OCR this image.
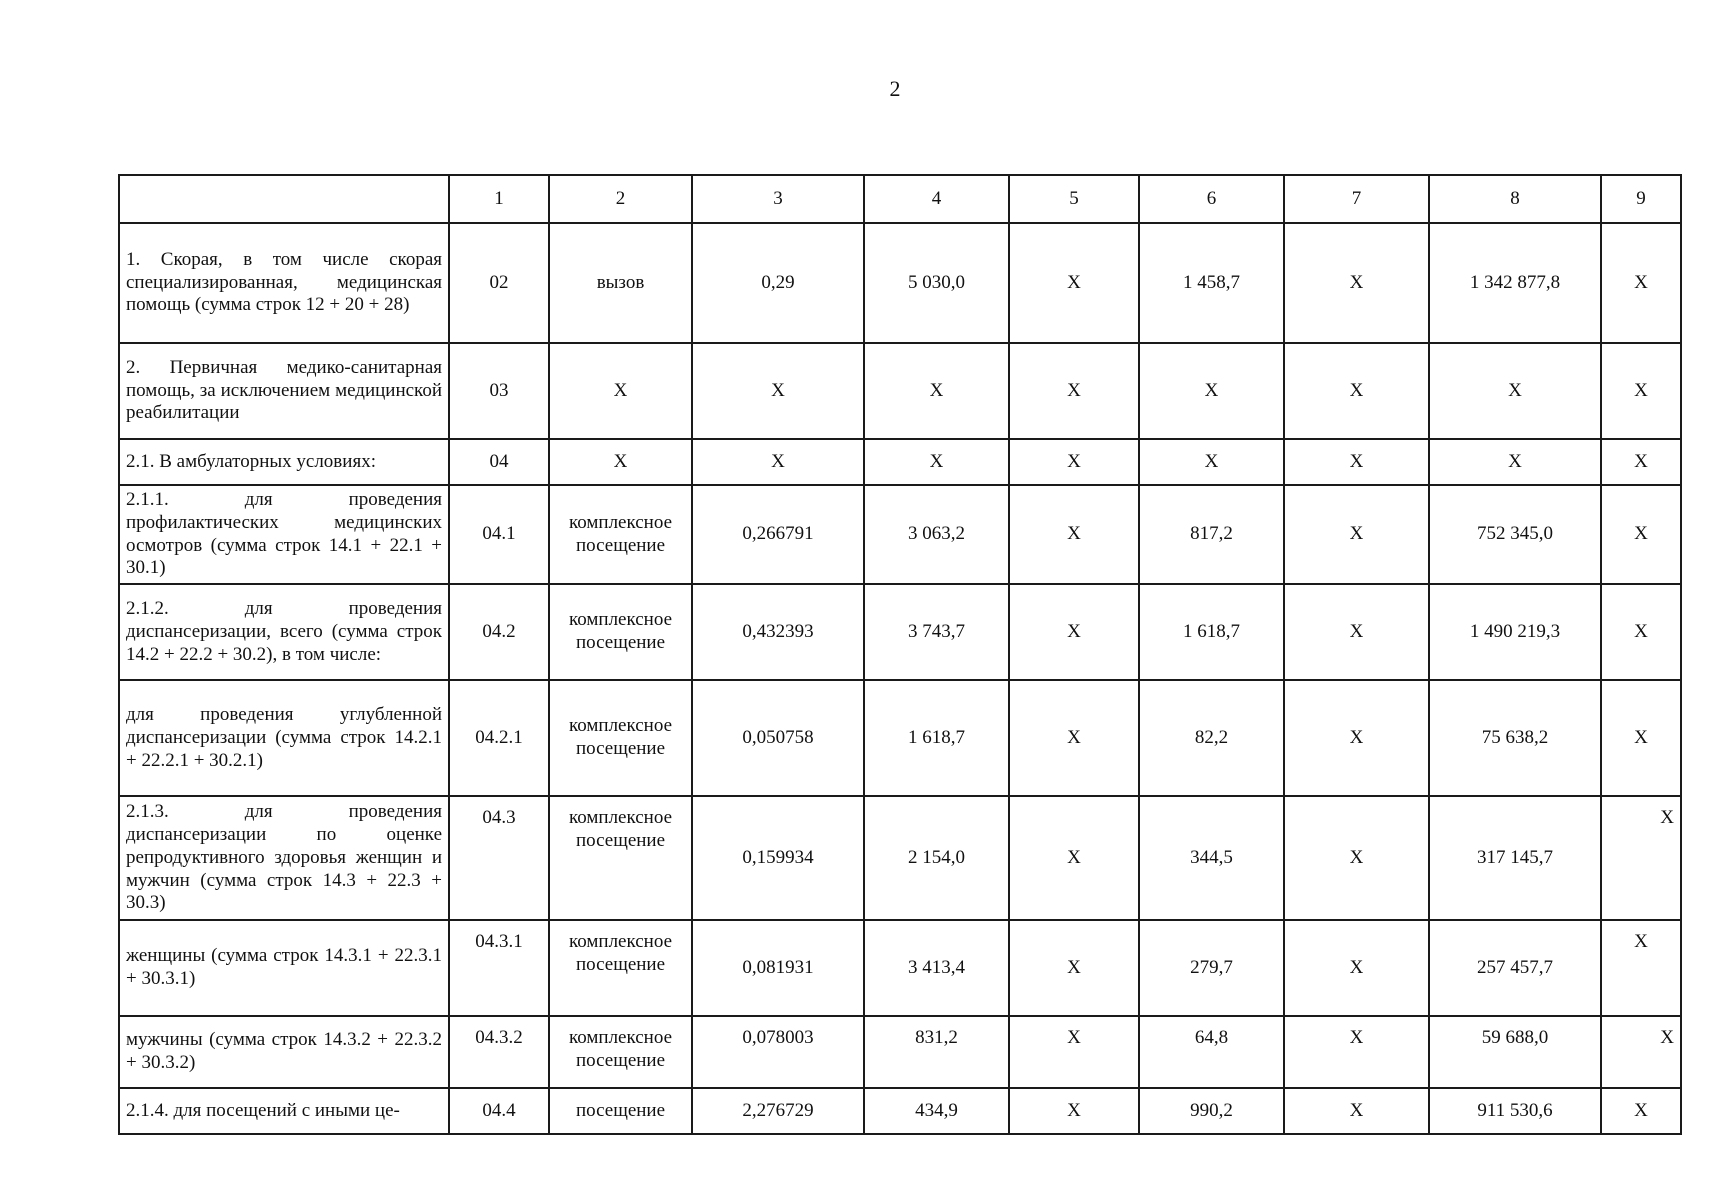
2
	1	2	3	4	5	6	7	8	9
1. Скорая, в том числе скорая специализированная, медицинская помощь (сумма строк 12 + 20 + 28)	02	вызов	0,29	5 030,0	Х	1 458,7	Х	1 342 877,8	Х
2. Первичная медико-санитарная помощь, за исключением медицинской реабилитации	03	Х	Х	Х	Х	Х	Х	Х	Х
2.1. В амбулаторных условиях:	04	Х	Х	Х	Х	Х	Х	Х	Х
2.1.1. для проведения профилактических медицинских осмотров (сумма строк 14.1 + 22.1 + 30.1)	04.1	комплексное посещение	0,266791	3 063,2	Х	817,2	Х	752 345,0	Х
2.1.2. для проведения диспансеризации, всего (сумма строк 14.2 + 22.2 + 30.2), в том числе:	04.2	комплексное посещение	0,432393	3 743,7	Х	1 618,7	Х	1 490 219,3	Х
для проведения углубленной диспансеризации (сумма строк 14.2.1 + 22.2.1 + 30.2.1)	04.2.1	комплексное посещение	0,050758	1 618,7	Х	82,2	Х	75 638,2	Х
2.1.3. для проведения диспансеризации по оценке репродуктивного здоровья женщин и мужчин (сумма строк 14.3 + 22.3 + 30.3)	04.3	комплексное посещение	0,159934	2 154,0	Х	344,5	Х	317 145,7	Х
женщины (сумма строк 14.3.1 + 22.3.1 + 30.3.1)	04.3.1	комплексное посещение	0,081931	3 413,4	Х	279,7	Х	257 457,7	Х
мужчины (сумма строк 14.3.2 + 22.3.2 + 30.3.2)	04.3.2	комплексное посещение	0,078003	831,2	Х	64,8	Х	59 688,0	Х
2.1.4. для посещений с иными це-	04.4	посещение	2,276729	434,9	Х	990,2	Х	911 530,6	Х
